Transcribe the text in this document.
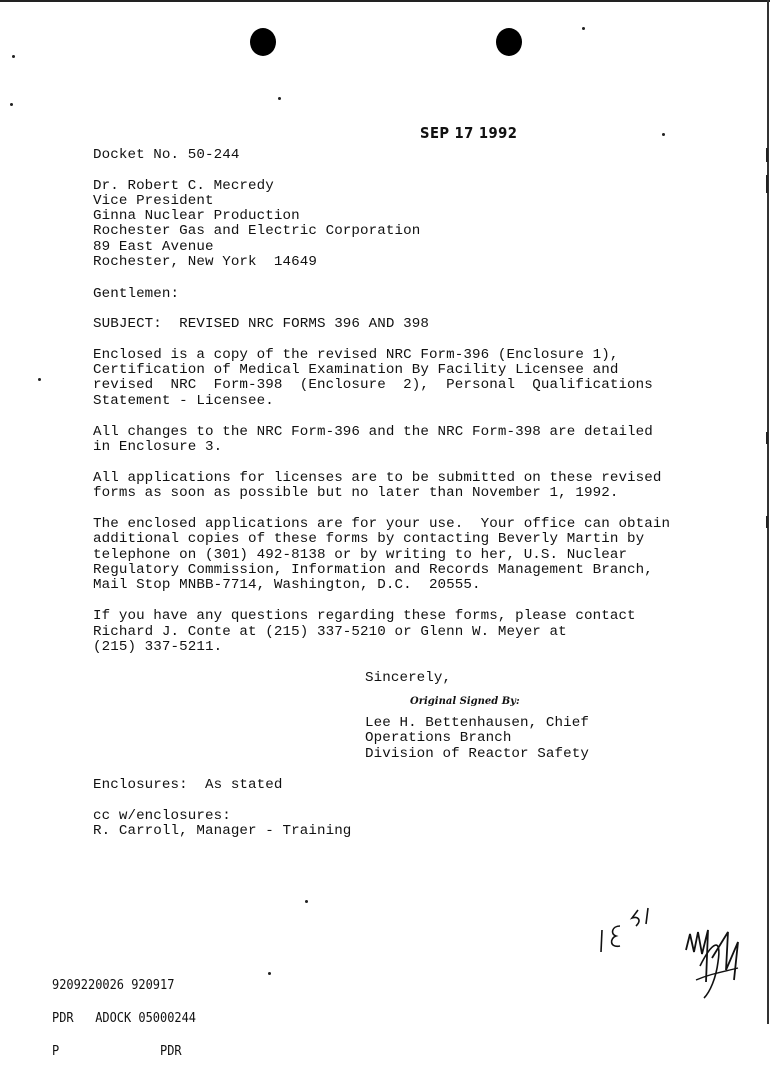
SEP 17 1992
Docket No. 50-244
Dr. Robert C. Mecredy
Vice President
Ginna Nuclear Production
Rochester Gas and Electric Corporation
89 East Avenue
Rochester, New York  14649
Gentlemen:
SUBJECT:  REVISED NRC FORMS 396 AND 398
Enclosed is a copy of the revised NRC Form-396 (Enclosure 1),
Certification of Medical Examination By Facility Licensee and
revised  NRC  Form-398  (Enclosure  2),  Personal  Qualifications
Statement - Licensee.
All changes to the NRC Form-396 and the NRC Form-398 are detailed
in Enclosure 3.
All applications for licenses are to be submitted on these revised
forms as soon as possible but no later than November 1, 1992.
The enclosed applications are for your use.  Your office can obtain
additional copies of these forms by contacting Beverly Martin by
telephone on (301) 492-8138 or by writing to her, U.S. Nuclear
Regulatory Commission, Information and Records Management Branch,
Mail Stop MNBB-7714, Washington, D.C.  20555.
If you have any questions regarding these forms, please contact
Richard J. Conte at (215) 337-5210 or Glenn W. Meyer at
(215) 337-5211.
Sincerely,
Original Signed By:
Lee H. Bettenhausen, Chief
Operations Branch
Division of Reactor Safety
Enclosures:  As stated
cc w/enclosures:
R. Carroll, Manager - Training

9209220026 920917

PDR   ADOCK 05000244

P              PDR
